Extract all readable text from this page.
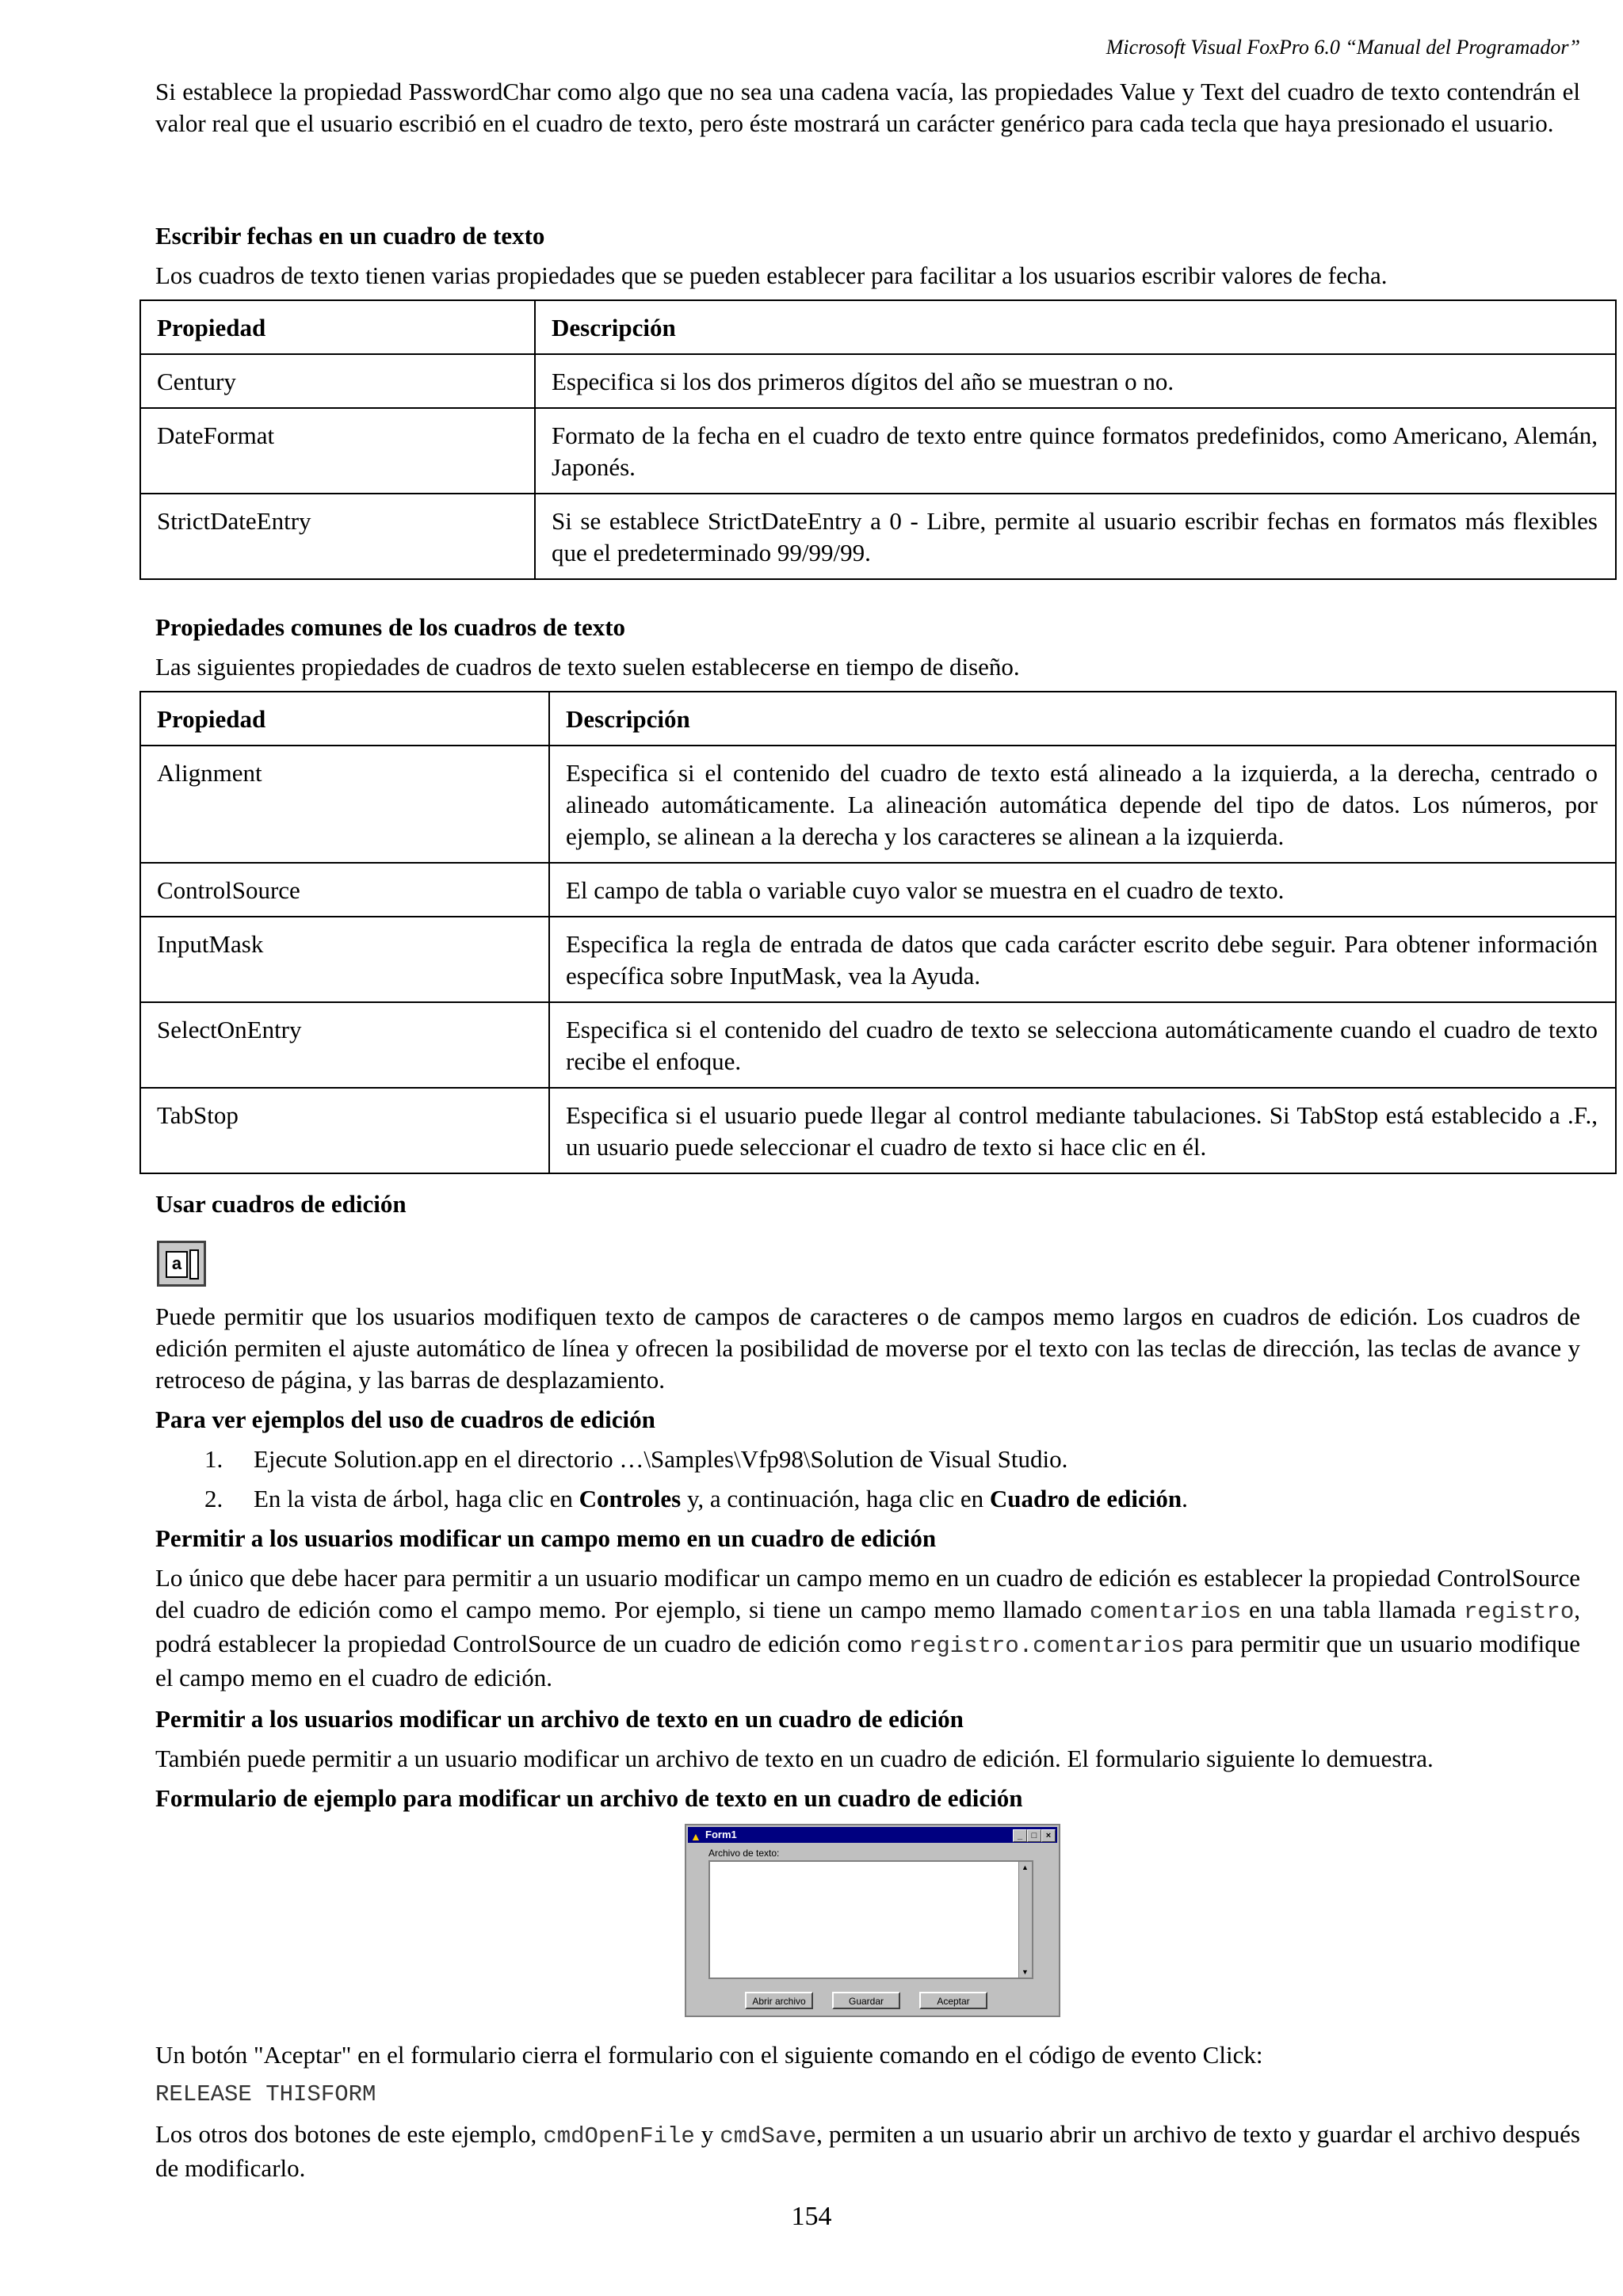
Microsoft Visual FoxPro 6.0 “Manual del Programador”
Si establece la propiedad PasswordChar como algo que no sea una cadena vacía, las propiedades Value y Text del cuadro de texto contendrán el valor real que el usuario escribió en el cuadro de texto, pero éste mostrará un carácter genérico para cada tecla que haya presionado el usuario.
Escribir fechas en un cuadro de texto
Los cuadros de texto tienen varias propiedades que se pueden establecer para facilitar a los usuarios escribir valores de fecha.
Propiedad	Descripción
Century	Especifica si los dos primeros dígitos del año se muestran o no.
DateFormat	Formato de la fecha en el cuadro de texto entre quince formatos predefinidos, como Americano, Alemán, Japonés.
StrictDateEntry	Si se establece StrictDateEntry a 0 - Libre, permite al usuario escribir fechas en formatos más flexibles que el predeterminado 99/99/99.
Propiedades comunes de los cuadros de texto
Las siguientes propiedades de cuadros de texto suelen establecerse en tiempo de diseño.
Propiedad	Descripción
Alignment	Especifica si el contenido del cuadro de texto está alineado a la izquierda, a la derecha, centrado o alineado automáticamente. La alineación automática depende del tipo de datos. Los números, por ejemplo, se alinean a la derecha y los caracteres se alinean a la izquierda.
ControlSource	El campo de tabla o variable cuyo valor se muestra en el cuadro de texto.
InputMask	Especifica la regla de entrada de datos que cada carácter escrito debe seguir. Para obtener información específica sobre InputMask, vea la Ayuda.
SelectOnEntry	Especifica si el contenido del cuadro de texto se selecciona automáticamente cuando el cuadro de texto recibe el enfoque.
TabStop	Especifica si el usuario puede llegar al control mediante tabulaciones. Si TabStop está establecido a .F., un usuario puede seleccionar el cuadro de texto si hace clic en él.
Usar cuadros de edición
a
Puede permitir que los usuarios modifiquen texto de campos de caracteres o de campos memo largos en cuadros de edición. Los cuadros de edición permiten el ajuste automático de línea y ofrecen la posibilidad de moverse por el texto con las teclas de dirección, las teclas de avance y retroceso de página, y las barras de desplazamiento.
Para ver ejemplos del uso de cuadros de edición
1. Ejecute Solution.app en el directorio …\Samples\Vfp98\Solution de Visual Studio.
2. En la vista de árbol, haga clic en Controles y, a continuación, haga clic en Cuadro de edición.
Permitir a los usuarios modificar un campo memo en un cuadro de edición
Lo único que debe hacer para permitir a un usuario modificar un campo memo en un cuadro de edición es establecer la propiedad ControlSource del cuadro de edición como el campo memo. Por ejemplo, si tiene un campo memo llamado comentarios en una tabla llamada registro, podrá establecer la propiedad ControlSource de un cuadro de edición como registro.comentarios para permitir que un usuario modifique el campo memo en el cuadro de edición.
Permitir a los usuarios modificar un archivo de texto en un cuadro de edición
También puede permitir a un usuario modificar un archivo de texto en un cuadro de edición. El formulario siguiente lo demuestra.
Formulario de ejemplo para modificar un archivo de texto en un cuadro de edición
▲ Form1	_	□	×
Archivo de texto:
▲
▼
Abrir archivo	Guardar	Aceptar
Un botón "Aceptar" en el formulario cierra el formulario con el siguiente comando en el código de evento Click:
RELEASE THISFORM
Los otros dos botones de este ejemplo, cmdOpenFile y cmdSave, permiten a un usuario abrir un archivo de texto y guardar el archivo después de modificarlo.
154
